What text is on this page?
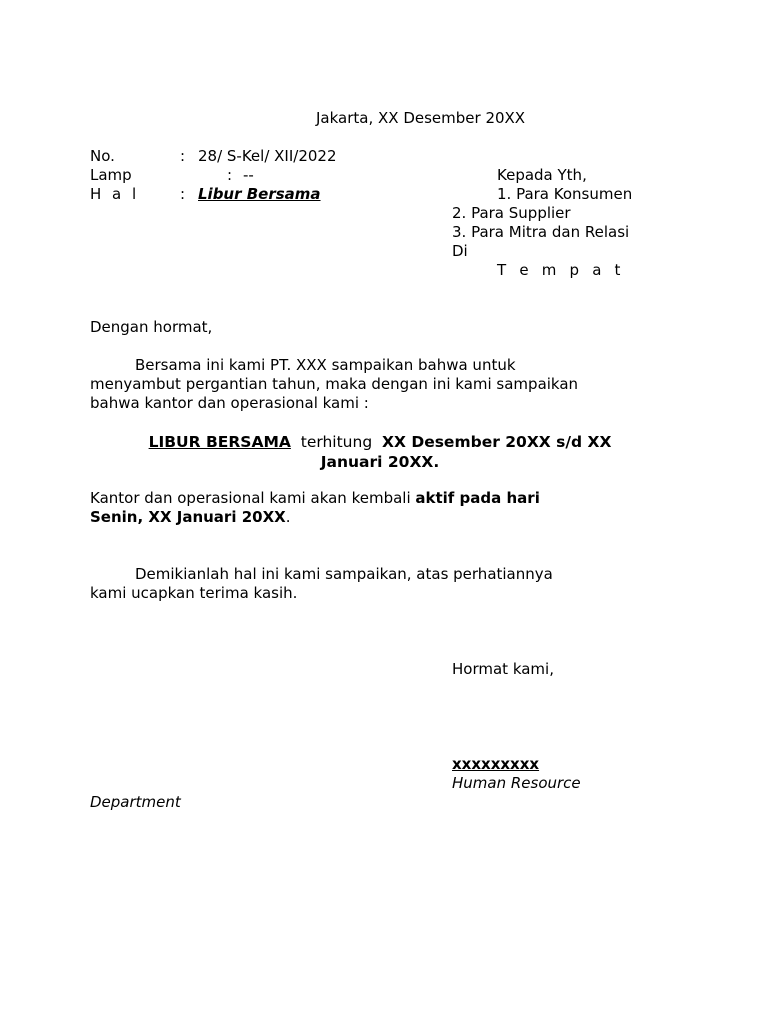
Jakarta, XX Desember 20XX
No.	: 28/ S-Kel/ XII/2022
Lamp	: --
H a l	: Libur Bersama
Kepada Yth,
1. Para Konsumen
2. Para Supplier
3. Para Mitra dan Relasi
Di
T e m p a t
Dengan hormat,
Bersama ini kami PT. XXX sampaikan bahwa untuk
menyambut pergantian tahun, maka dengan ini kami sampaikan
bahwa kantor dan operasional kami :
LIBUR BERSAMA terhitung XX Desember 20XX s/d XX
Januari 20XX.
Kantor dan operasional kami akan kembali aktif pada hari
Senin, XX Januari 20XX.
Demikianlah hal ini kami sampaikan, atas perhatiannya
kami ucapkan terima kasih.
Hormat kami,
xxxxxxxxx
Human Resource
Department
